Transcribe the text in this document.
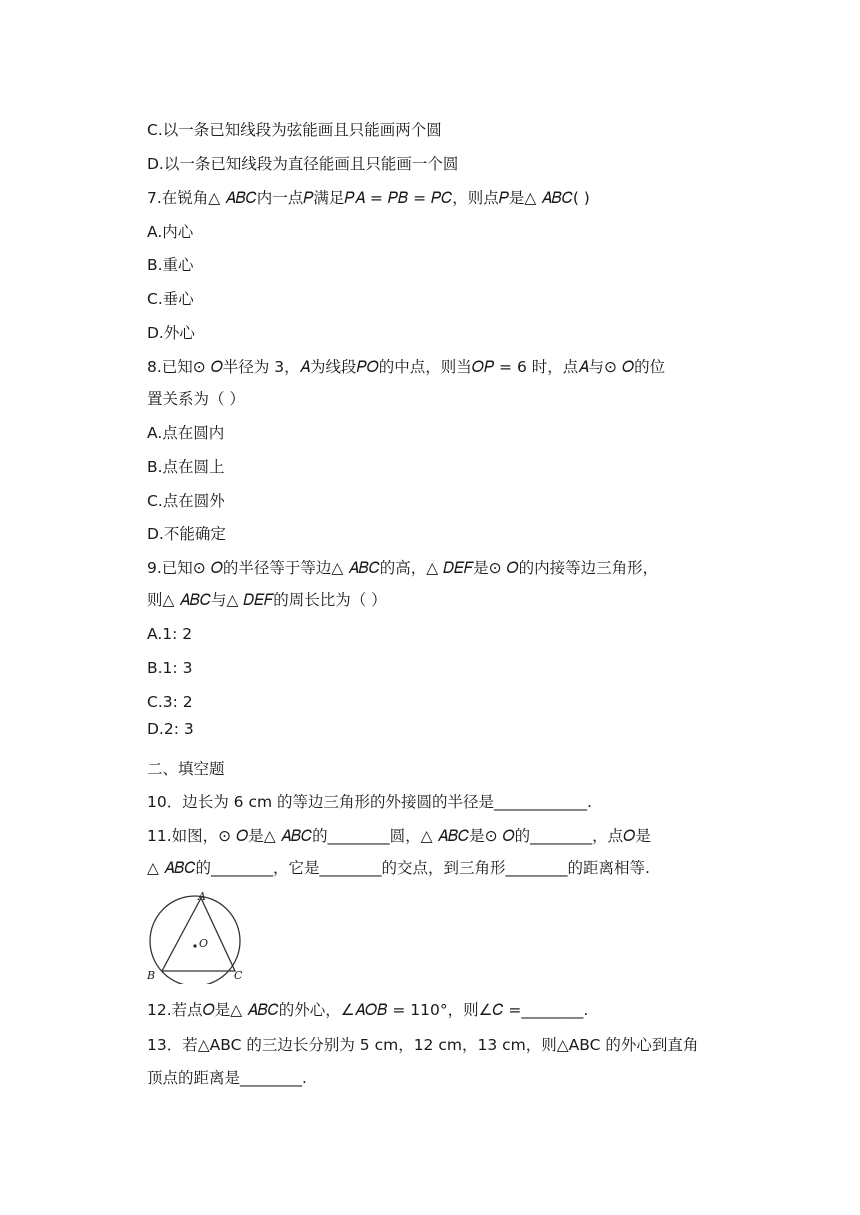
C.以一条已知线段为弦能画且只能画两个圆
D.以一条已知线段为直径能画且只能画一个圆
7.在锐角△ 𝐴𝐵𝐶内一点𝑃满足𝑃𝐴 = 𝑃𝐵 = 𝑃𝐶，则点𝑃是△ 𝐴𝐵𝐶( )
A.内心
B.重心
C.垂心
D.外心
8.已知⊙ 𝑂半径为 3，𝐴为线段𝑃𝑂的中点，则当𝑂𝑃 = 6 时，点𝐴与⊙ 𝑂的位
置关系为（ ）
A.点在圆内
B.点在圆上
C.点在圆外
D.不能确定
9.已知⊙ 𝑂的半径等于等边△ 𝐴𝐵𝐶的高，△ 𝐷𝐸𝐹是⊙ 𝑂的内接等边三角形，
则△ 𝐴𝐵𝐶与△ 𝐷𝐸𝐹的周长比为（ ）
A.1: 2
B.1: 3
C.3: 2
D.2: 3
二、填空题
10．边长为 6 cm 的等边三角形的外接圆的半径是____________.
11.如图，⊙ 𝑂是△ 𝐴𝐵𝐶的________圆，△ 𝐴𝐵𝐶是⊙ 𝑂的________，点𝑂是
△ 𝐴𝐵𝐶的________，它是________的交点，到三角形________的距离相等.
A
B	C
O
12.若点𝑂是△ 𝐴𝐵𝐶的外心，∠𝐴𝑂𝐵 = 110°，则∠𝐶 =________.
13．若△ABC 的三边长分别为 5 cm，12 cm，13 cm，则△ABC 的外心到直角
顶点的距离是________.
